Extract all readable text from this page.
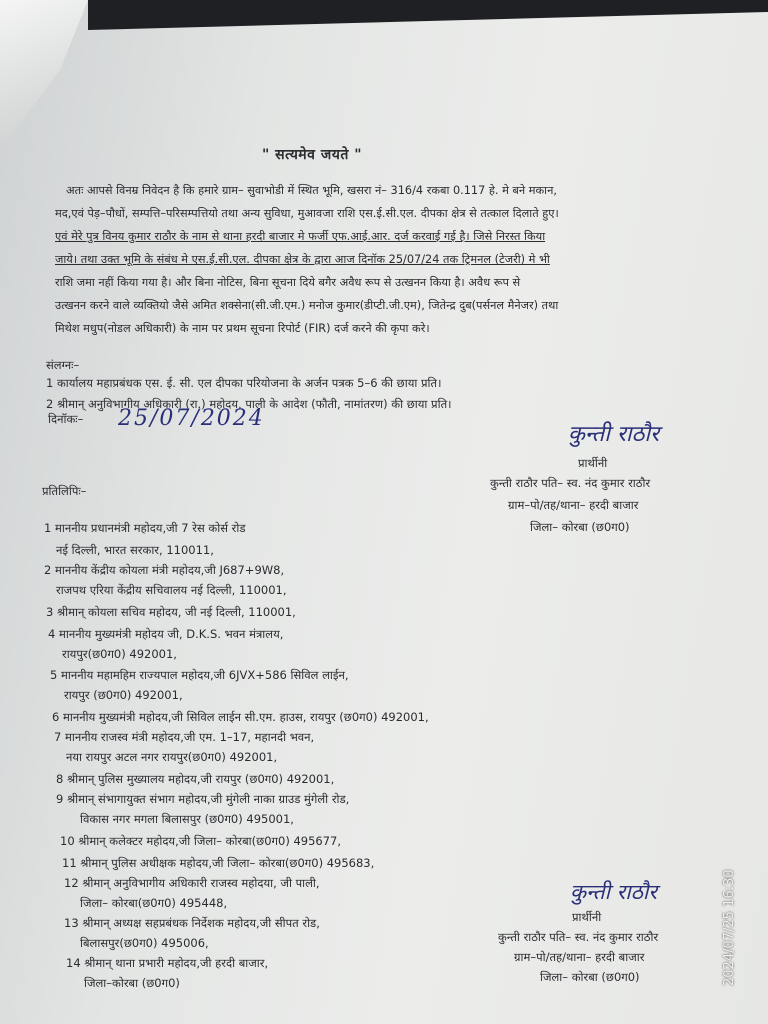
" सत्यमेव जयते "
अतः आपसे विनम्र निवेदन है कि हमारे ग्राम– सुवाभोडी में स्थित भूमि, खसरा नं– 316/4 रकबा 0.117 हे. मे बने मकान,
मद,एवं पेड़–पौधों, सम्पत्ति–परिसम्पत्तियो तथा अन्य सुविधा, मुआवजा राशि एस.ई.सी.एल. दीपका क्षेत्र से तत्काल दिलाते हुए।
एवं मेरे पुत्र विनय कुमार राठौर के नाम से थाना हरदी बाजार मे फर्जी एफ.आई.आर. दर्ज करवाई गई है। जिसे निरस्त किया
जाये। तथा उक्त भूमि के संबंध मे एस.ई.सी.एल. दीपका क्षेत्र के द्वारा आज दिनॉक 25/07/24 तक ट्रिमनल (टेजरी) मे भी
राशि जमा नहीं किया गया है। और बिना नोटिस, बिना सूचना दिये बगैर अवैध रूप से उत्खनन किया है। अवैध रूप से
उत्खनन करने वाले व्यक्तियो जैसे अमित शक्सेना(सी.जी.एम.) मनोज कुमार(डीप्टी.जी.एम), जितेन्द्र दुब(पर्सनल मैनेजर) तथा
मिथेश मधुप(नोडल अधिकारी) के नाम पर प्रथम सूचना रिपोर्ट (FIR) दर्ज करने की कृपा करे।
संलग्नः–
1 कार्यालय महाप्रबंधक एस. ई. सी. एल दीपका परियोजना के अर्जन पत्रक 5–6 की छाया प्रति।
2 श्रीमान् अनुविभागीय अधिकारी (रा.) महोदय, पाली के आदेश (फौती, नामांतरण) की छाया प्रति।
दिनॉकः– 25/07/2024
कुन्ती राठौर
प्रार्थीनी
कुन्ती राठौर पति– स्व. नंद कुमार राठौर
ग्राम–पो/तह/थाना– हरदी बाजार
जिला– कोरबा (छ0ग0)
प्रतिलिपिः–
1 माननीय प्रधानमंत्री महोदय,जी 7 रेस कोर्स रोड
नई दिल्ली, भारत सरकार, 110011,
2 माननीय केंद्रीय कोयला मंत्री महोदय,जी J687+9W8,
राजपथ एरिया केंद्रीय सचिवालय नई दिल्ली, 110001,
3 श्रीमान् कोयला सचिव महोदय, जी नई दिल्ली, 110001,
4 माननीय मुख्यमंत्री महोदय जी, D.K.S. भवन मंत्रालय,
रायपुर(छ0ग0) 492001,
5 माननीय महामहिम राज्यपाल महोदय,जी 6JVX+586 सिविल लाईन,
रायपुर (छ0ग0) 492001,
6 माननीय मुख्यमंत्री महोदय,जी सिविल लाईन सी.एम. हाउस, रायपुर (छ0ग0) 492001,
7 माननीय राजस्व मंत्री महोदय,जी एम. 1–17, महानदी भवन,
नया रायपुर अटल नगर रायपुर(छ0ग0) 492001,
8 श्रीमान् पुलिस मुख्यालय महोदय,जी रायपुर (छ0ग0) 492001,
9 श्रीमान् संभागायुक्त संभाग महोदय,जी मुंगेली नाका ग्राउड मुंगेली रोड,
विकास नगर मगला बिलासपुर (छ0ग0) 495001,
10 श्रीमान् कलेक्टर महोदय,जी जिला– कोरबा(छ0ग0) 495677,
11 श्रीमान् पुलिस अधीक्षक महोदय,जी जिला– कोरबा(छ0ग0) 495683,
12 श्रीमान् अनुविभागीय अधिकारी राजस्व महोदया, जी पाली,
जिला– कोरबा(छ0ग0) 495448,
13 श्रीमान् अध्यक्ष सहप्रबंधक निर्देशक महोदय,जी सीपत रोड,
बिलासपुर(छ0ग0) 495006,
14 श्रीमान् थाना प्रभारी महोदय,जी हरदी बाजार,
जिला–कोरबा (छ0ग0)
कुन्ती राठौर
प्रार्थीनी
कुन्ती राठौर पति– स्व. नंद कुमार राठौर
ग्राम–पो/तह/थाना– हरदी बाजार
जिला– कोरबा (छ0ग0)	2024/07/25 16:30
